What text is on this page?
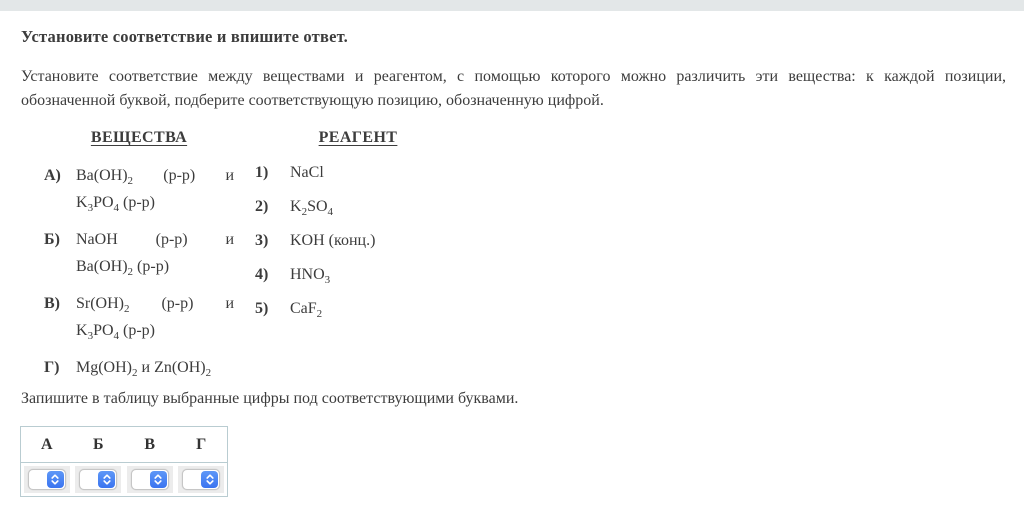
Установите соответствие и впишите ответ.

Установите соответствие между веществами и реагентом, с помощью которого можно различить эти вещества: к каждой позиции, обозначенной буквой, подберите соответствующую позицию, обозначенную цифрой.

ВЕЩЕСТВА
А) $Ba(OH)_2$ (р-р) и
$K_3PO_4$ (р-р)
Б)	NaOH (р-р) и
$Ba(OH)_2$ (р-р)
В)	$Sr(OH)_2$ (р-р) и
$K_3PO_4$ (р-р)
Г)	$Mg(OH)_2$ и $Zn(OH)_2$
РЕАГЕНТ
1)	NaCl
2)	$K_2SO_4$
3)	KOH (конц.)
4)	$HNO_3$
5)	CaF$_2$

Запишите в таблицу выбранные цифры под соответствующими буквами.

А	Б	В	Г
